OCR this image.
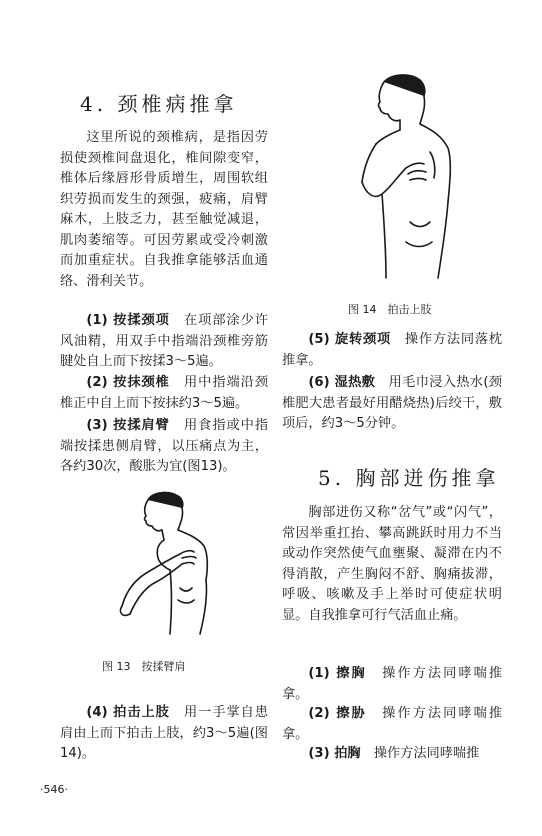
4. 颈椎病推拿

这里所说的颈椎病，是指因劳损使颈椎间盘退化，椎间隙变窄，椎体后缘唇形骨质增生，周围软组织劳损而发生的颈强，疲痛，肩臂麻木，上肢乏力，甚至触觉减退，肌肉萎缩等。可因劳累或受冷刺激而加重症状。自我推拿能够活血通络、滑利关节。

(1) 按揉颈项　 在项部涂少许风油精，用双手中指端沿颈椎旁筋腱处自上而下按揉3～5遍。

(2) 按抹颈椎　 用中指端沿颈椎正中自上而下按抹约3～5遍。

(3) 按揉肩臂　 用食指或中指端按揉患侧肩臂，以压痛点为主，各约30次，酸胀为宜(图13)。

图 13　按揉臂肩

(4) 拍击上肢　 用一手掌自患肩由上而下拍击上肢，约3～5遍(图14)。

图 14　拍击上肢

(5) 旋转颈项　 操作方法同落枕推拿。

(6) 湿热敷　 用毛巾浸入热水(颈椎肥大患者最好用醋烧热)后绞干，敷项后，约3～5分钟。

5. 胸部迸伤推拿

胸部迸伤又称“岔气”或“闪气”，常因举重扛抬、攀高跳跃时用力不当或动作突然使气血壅聚、凝滞在内不得消散，产生胸闷不舒、胸痛拔滞，呼吸、咳嗽及手上举时可使症状明显。自我推拿可行气活血止痛。

(1) 擦胸　 操作方法同哮喘推拿。

(2) 擦胁　 操作方法同哮喘推拿。

(3) 拍胸　 操作方法同哮喘推

·546·
